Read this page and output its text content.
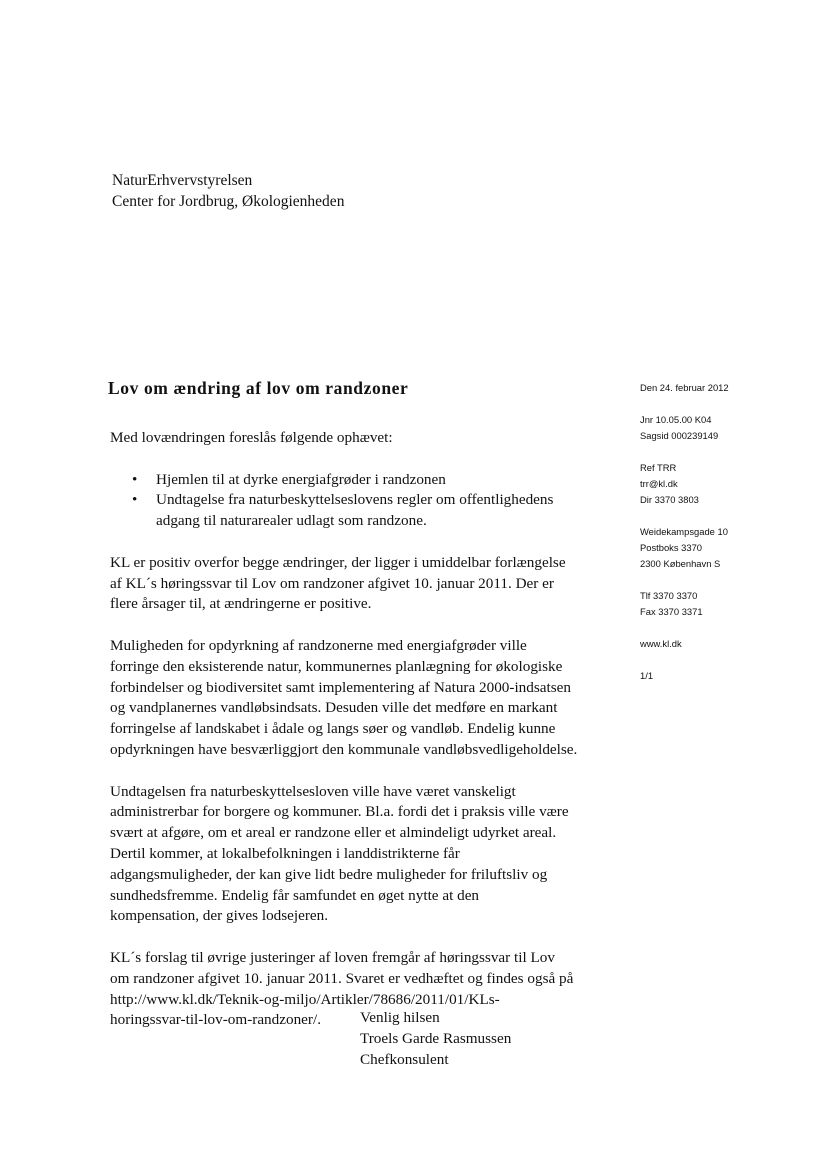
NaturErhvervstyrelsen
Center for Jordbrug, Økologienheden
Lov om ændring af lov om randzoner

Med lovændringen foreslås følgende ophævet:

• Hjemlen til at dyrke energiafgrøder i randzonen
• Undtagelse fra naturbeskyttelseslovens regler om offentlighedens
adgang til naturarealer udlagt som randzone.

KL er positiv overfor begge ændringer, der ligger i umiddelbar forlængelse
af KL´s høringssvar til Lov om randzoner afgivet 10. januar 2011. Der er
flere årsager til, at ændringerne er positive.

Muligheden for opdyrkning af randzonerne med energiafgrøder ville
forringe den eksisterende natur, kommunernes planlægning for økologiske
forbindelser og biodiversitet samt implementering af Natura 2000-indsatsen
og vandplanernes vandløbsindsats. Desuden ville det medføre en markant
forringelse af landskabet i ådale og langs søer og vandløb. Endelig kunne
opdyrkningen have besværliggjort den kommunale vandløbsvedligeholdelse.

Undtagelsen fra naturbeskyttelsesloven ville have været vanskeligt
administrerbar for borgere og kommuner. Bl.a. fordi det i praksis ville være
svært at afgøre, om et areal er randzone eller et almindeligt udyrket areal.
Dertil kommer, at lokalbefolkningen i landdistrikterne får
adgangsmuligheder, der kan give lidt bedre muligheder for friluftsliv og
sundhedsfremme. Endelig får samfundet en øget nytte at den
kompensation, der gives lodsejeren.

KL´s forslag til øvrige justeringer af loven fremgår af høringssvar til Lov
om randzoner afgivet 10. januar 2011. Svaret er vedhæftet og findes også på
http://www.kl.dk/Teknik-og-miljo/Artikler/78686/2011/01/KLs-
horingssvar-til-lov-om-randzoner/.	Venlig hilsen
Troels Garde Rasmussen
Chefkonsulent
Den 24. februar 2012
Jnr 10.05.00 K04
Sagsid 000239149
Ref TRR
trr@kl.dk
Dir 3370 3803
Weidekampsgade 10
Postboks 3370
2300 København S
Tlf 3370 3370
Fax 3370 3371
www.kl.dk
1/1
